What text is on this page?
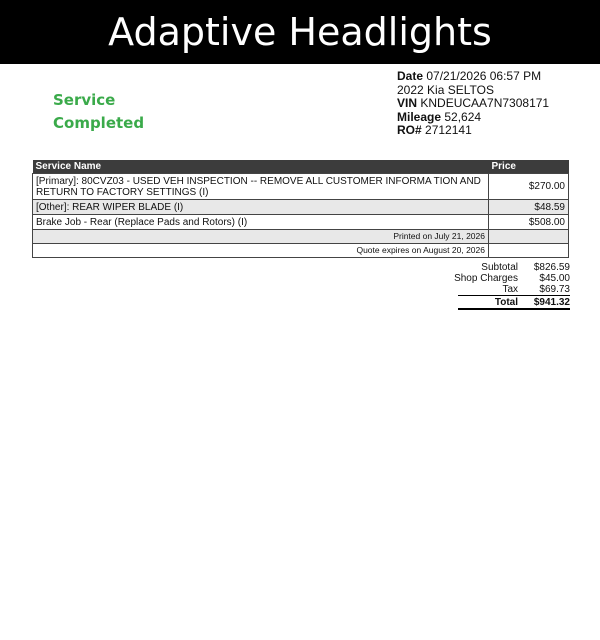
Adaptive Headlights
Service
Completed
Date 07/21/2026 06:57 PM
2022 Kia SELTOS
VIN KNDEUCAA7N7308171
Mileage 52,624
RO# 2712141
Service Name	Price
[Primary]: 80CVZ03 - USED VEH INSPECTION -- REMOVE ALL CUSTOMER INFORMA TION AND RETURN TO FACTORY SETTINGS (I)	$270.00
[Other]: REAR WIPER BLADE (I)	$48.59
Brake Job - Rear (Replace Pads and Rotors) (I)	$508.00
Printed on July 21, 2026	
Quote expires on August 20, 2026	
Subtotal	$826.59
Shop Charges	$45.00
Tax	$69.73
Total	$941.32
